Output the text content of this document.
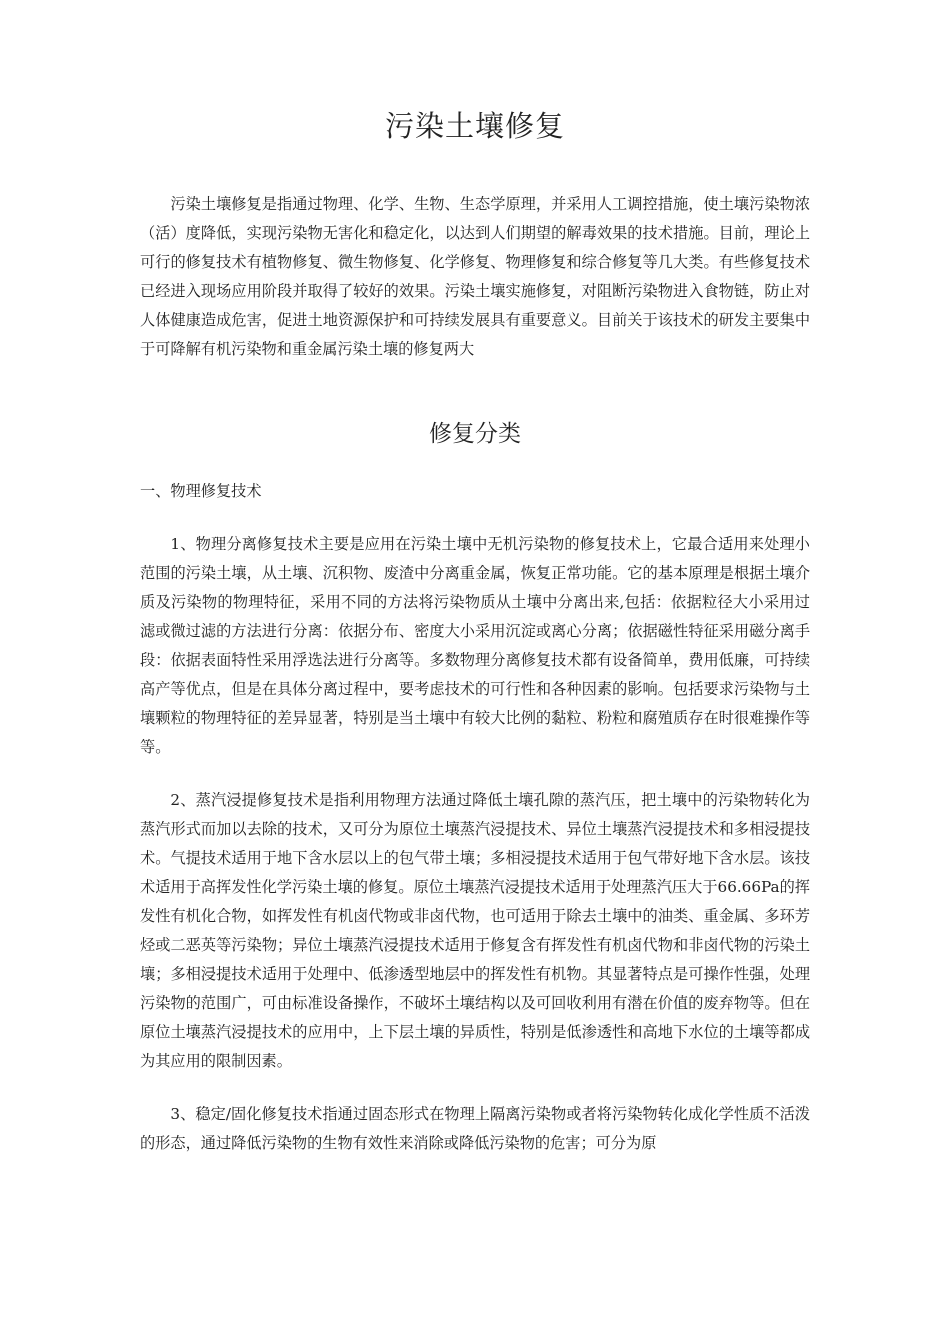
污染土壤修复

污染土壤修复是指通过物理、化学、生物、生态学原理，并采用人工调控措施，使土壤污染物浓（活）度降低，实现污染物无害化和稳定化，以达到人们期望的解毒效果的技术措施。目前，理论上可行的修复技术有植物修复、微生物修复、化学修复、物理修复和综合修复等几大类。有些修复技术已经进入现场应用阶段并取得了较好的效果。污染土壤实施修复，对阻断污染物进入食物链，防止对人体健康造成危害，促进土地资源保护和可持续发展具有重要意义。目前关于该技术的研发主要集中于可降解有机污染物和重金属污染土壤的修复两大

修复分类

一、物理修复技术

1、物理分离修复技术主要是应用在污染土壤中无机污染物的修复技术上，它最合适用来处理小范围的污染土壤，从土壤、沉积物、废渣中分离重金属，恢复正常功能。它的基本原理是根据土壤介质及污染物的物理特征，采用不同的方法将污染物质从土壤中分离出来,包括：依据粒径大小采用过滤或微过滤的方法进行分离：依据分布、密度大小采用沉淀或离心分离；依据磁性特征采用磁分离手段：依据表面特性采用浮选法进行分离等。多数物理分离修复技术都有设备简单，费用低廉，可持续高产等优点，但是在具体分离过程中，要考虑技术的可行性和各种因素的影响。包括要求污染物与土壤颗粒的物理特征的差异显著，特别是当土壤中有较大比例的黏粒、粉粒和腐殖质存在时很难操作等等。

2、蒸汽浸提修复技术是指利用物理方法通过降低土壤孔隙的蒸汽压，把土壤中的污染物转化为蒸汽形式而加以去除的技术，又可分为原位土壤蒸汽浸提技术、异位土壤蒸汽浸提技术和多相浸提技术。气提技术适用于地下含水层以上的包气带土壤；多相浸提技术适用于包气带好地下含水层。该技术适用于高挥发性化学污染土壤的修复。原位土壤蒸汽浸提技术适用于处理蒸汽压大于66.66Pa的挥发性有机化合物，如挥发性有机卤代物或非卤代物，也可适用于除去土壤中的油类、重金属、多环芳烃或二恶英等污染物；异位土壤蒸汽浸提技术适用于修复含有挥发性有机卤代物和非卤代物的污染土壤；多相浸提技术适用于处理中、低渗透型地层中的挥发性有机物。其显著特点是可操作性强，处理污染物的范围广，可由标准设备操作，不破坏土壤结构以及可回收利用有潜在价值的废弃物等。但在原位土壤蒸汽浸提技术的应用中，上下层土壤的异质性，特别是低渗透性和高地下水位的土壤等都成为其应用的限制因素。

3、稳定/固化修复技术指通过固态形式在物理上隔离污染物或者将污染物转化成化学性质不活泼的形态，通过降低污染物的生物有效性来消除或降低污染物的危害；可分为原
